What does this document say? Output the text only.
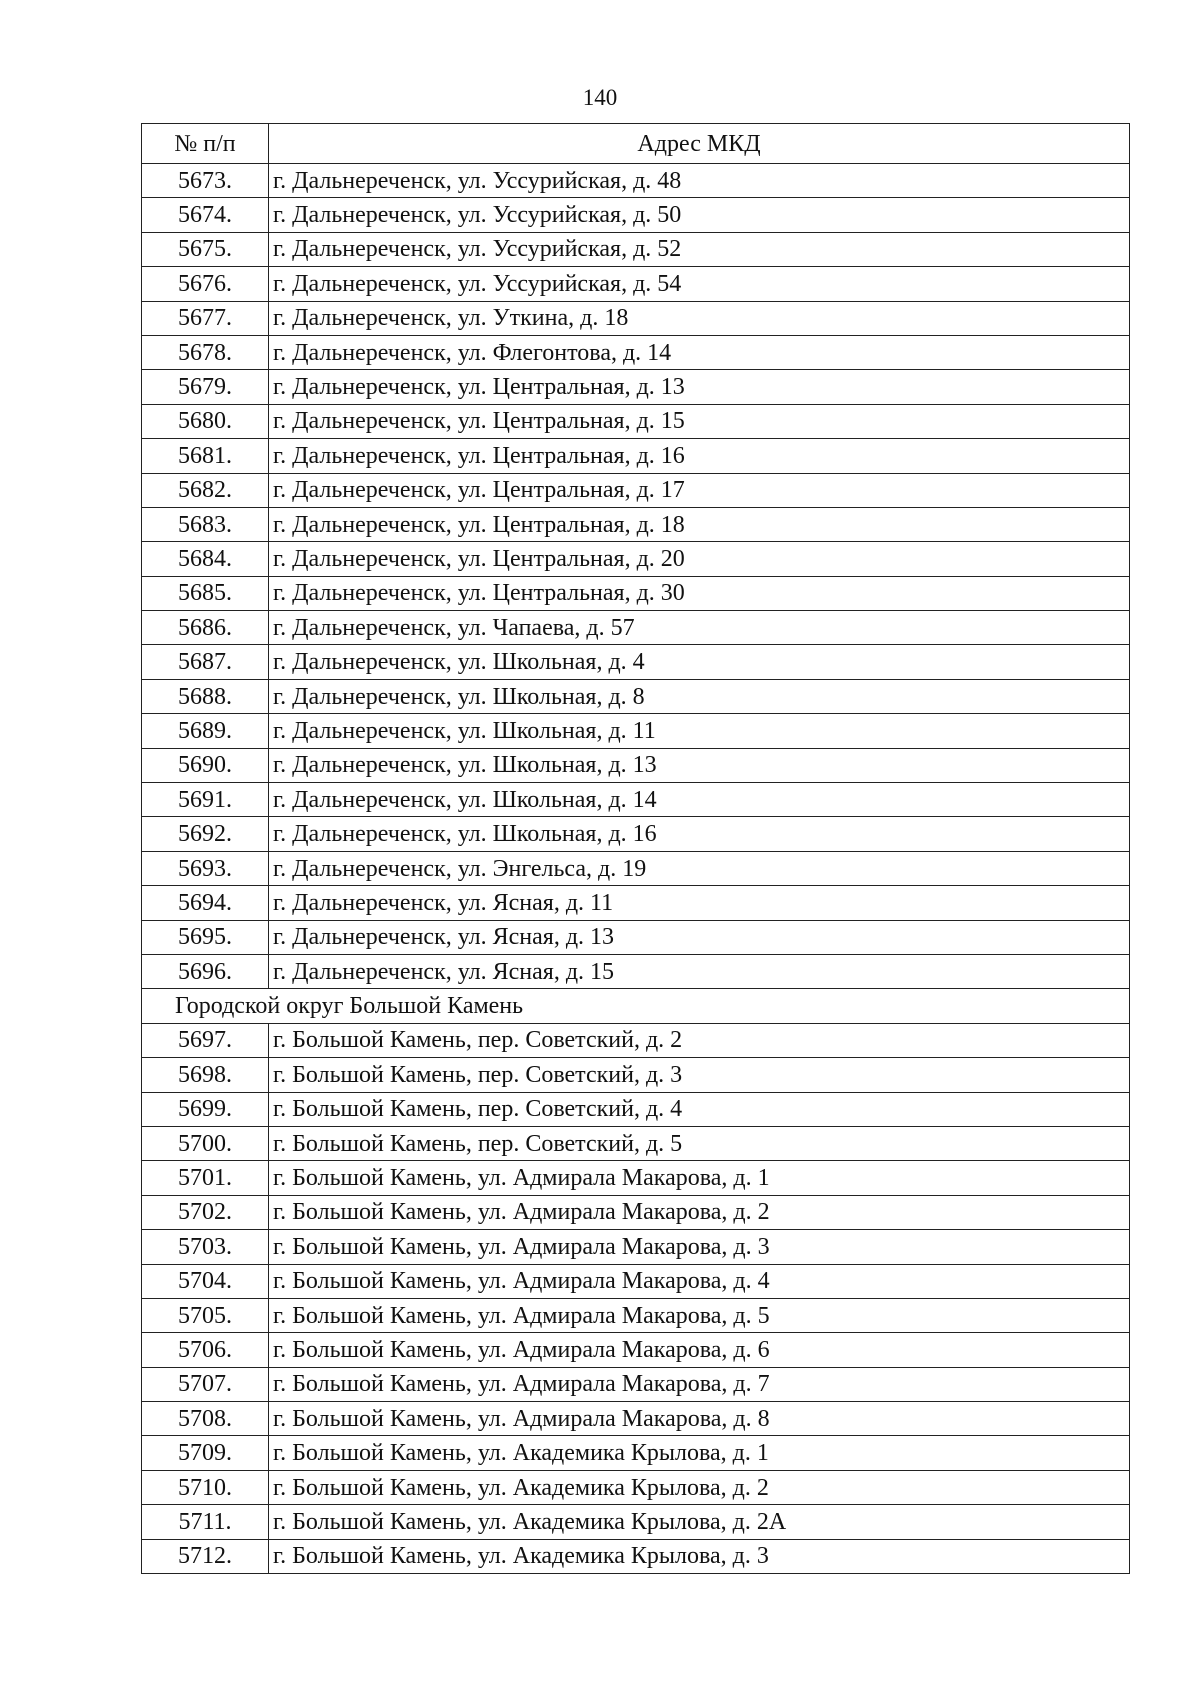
140
№ п/п	Адрес МКД
5673.	г. Дальнереченск, ул. Уссурийская, д. 48
5674.	г. Дальнереченск, ул. Уссурийская, д. 50
5675.	г. Дальнереченск, ул. Уссурийская, д. 52
5676.	г. Дальнереченск, ул. Уссурийская, д. 54
5677.	г. Дальнереченск, ул. Уткина, д. 18
5678.	г. Дальнереченск, ул. Флегонтова, д. 14
5679.	г. Дальнереченск, ул. Центральная, д. 13
5680.	г. Дальнереченск, ул. Центральная, д. 15
5681.	г. Дальнереченск, ул. Центральная, д. 16
5682.	г. Дальнереченск, ул. Центральная, д. 17
5683.	г. Дальнереченск, ул. Центральная, д. 18
5684.	г. Дальнереченск, ул. Центральная, д. 20
5685.	г. Дальнереченск, ул. Центральная, д. 30
5686.	г. Дальнереченск, ул. Чапаева, д. 57
5687.	г. Дальнереченск, ул. Школьная, д. 4
5688.	г. Дальнереченск, ул. Школьная, д. 8
5689.	г. Дальнереченск, ул. Школьная, д. 11
5690.	г. Дальнереченск, ул. Школьная, д. 13
5691.	г. Дальнереченск, ул. Школьная, д. 14
5692.	г. Дальнереченск, ул. Школьная, д. 16
5693.	г. Дальнереченск, ул. Энгельса, д. 19
5694.	г. Дальнереченск, ул. Ясная, д. 11
5695.	г. Дальнереченск, ул. Ясная, д. 13
5696.	г. Дальнереченск, ул. Ясная, д. 15
Городской округ Большой Камень	
5697.	г. Большой Камень, пер. Советский, д. 2
5698.	г. Большой Камень, пер. Советский, д. 3
5699.	г. Большой Камень, пер. Советский, д. 4
5700.	г. Большой Камень, пер. Советский, д. 5
5701.	г. Большой Камень, ул. Адмирала Макарова, д. 1
5702.	г. Большой Камень, ул. Адмирала Макарова, д. 2
5703.	г. Большой Камень, ул. Адмирала Макарова, д. 3
5704.	г. Большой Камень, ул. Адмирала Макарова, д. 4
5705.	г. Большой Камень, ул. Адмирала Макарова, д. 5
5706.	г. Большой Камень, ул. Адмирала Макарова, д. 6
5707.	г. Большой Камень, ул. Адмирала Макарова, д. 7
5708.	г. Большой Камень, ул. Адмирала Макарова, д. 8
5709.	г. Большой Камень, ул. Академика Крылова, д. 1
5710.	г. Большой Камень, ул. Академика Крылова, д. 2
5711.	г. Большой Камень, ул. Академика Крылова, д. 2А
5712.	г. Большой Камень, ул. Академика Крылова, д. 3
